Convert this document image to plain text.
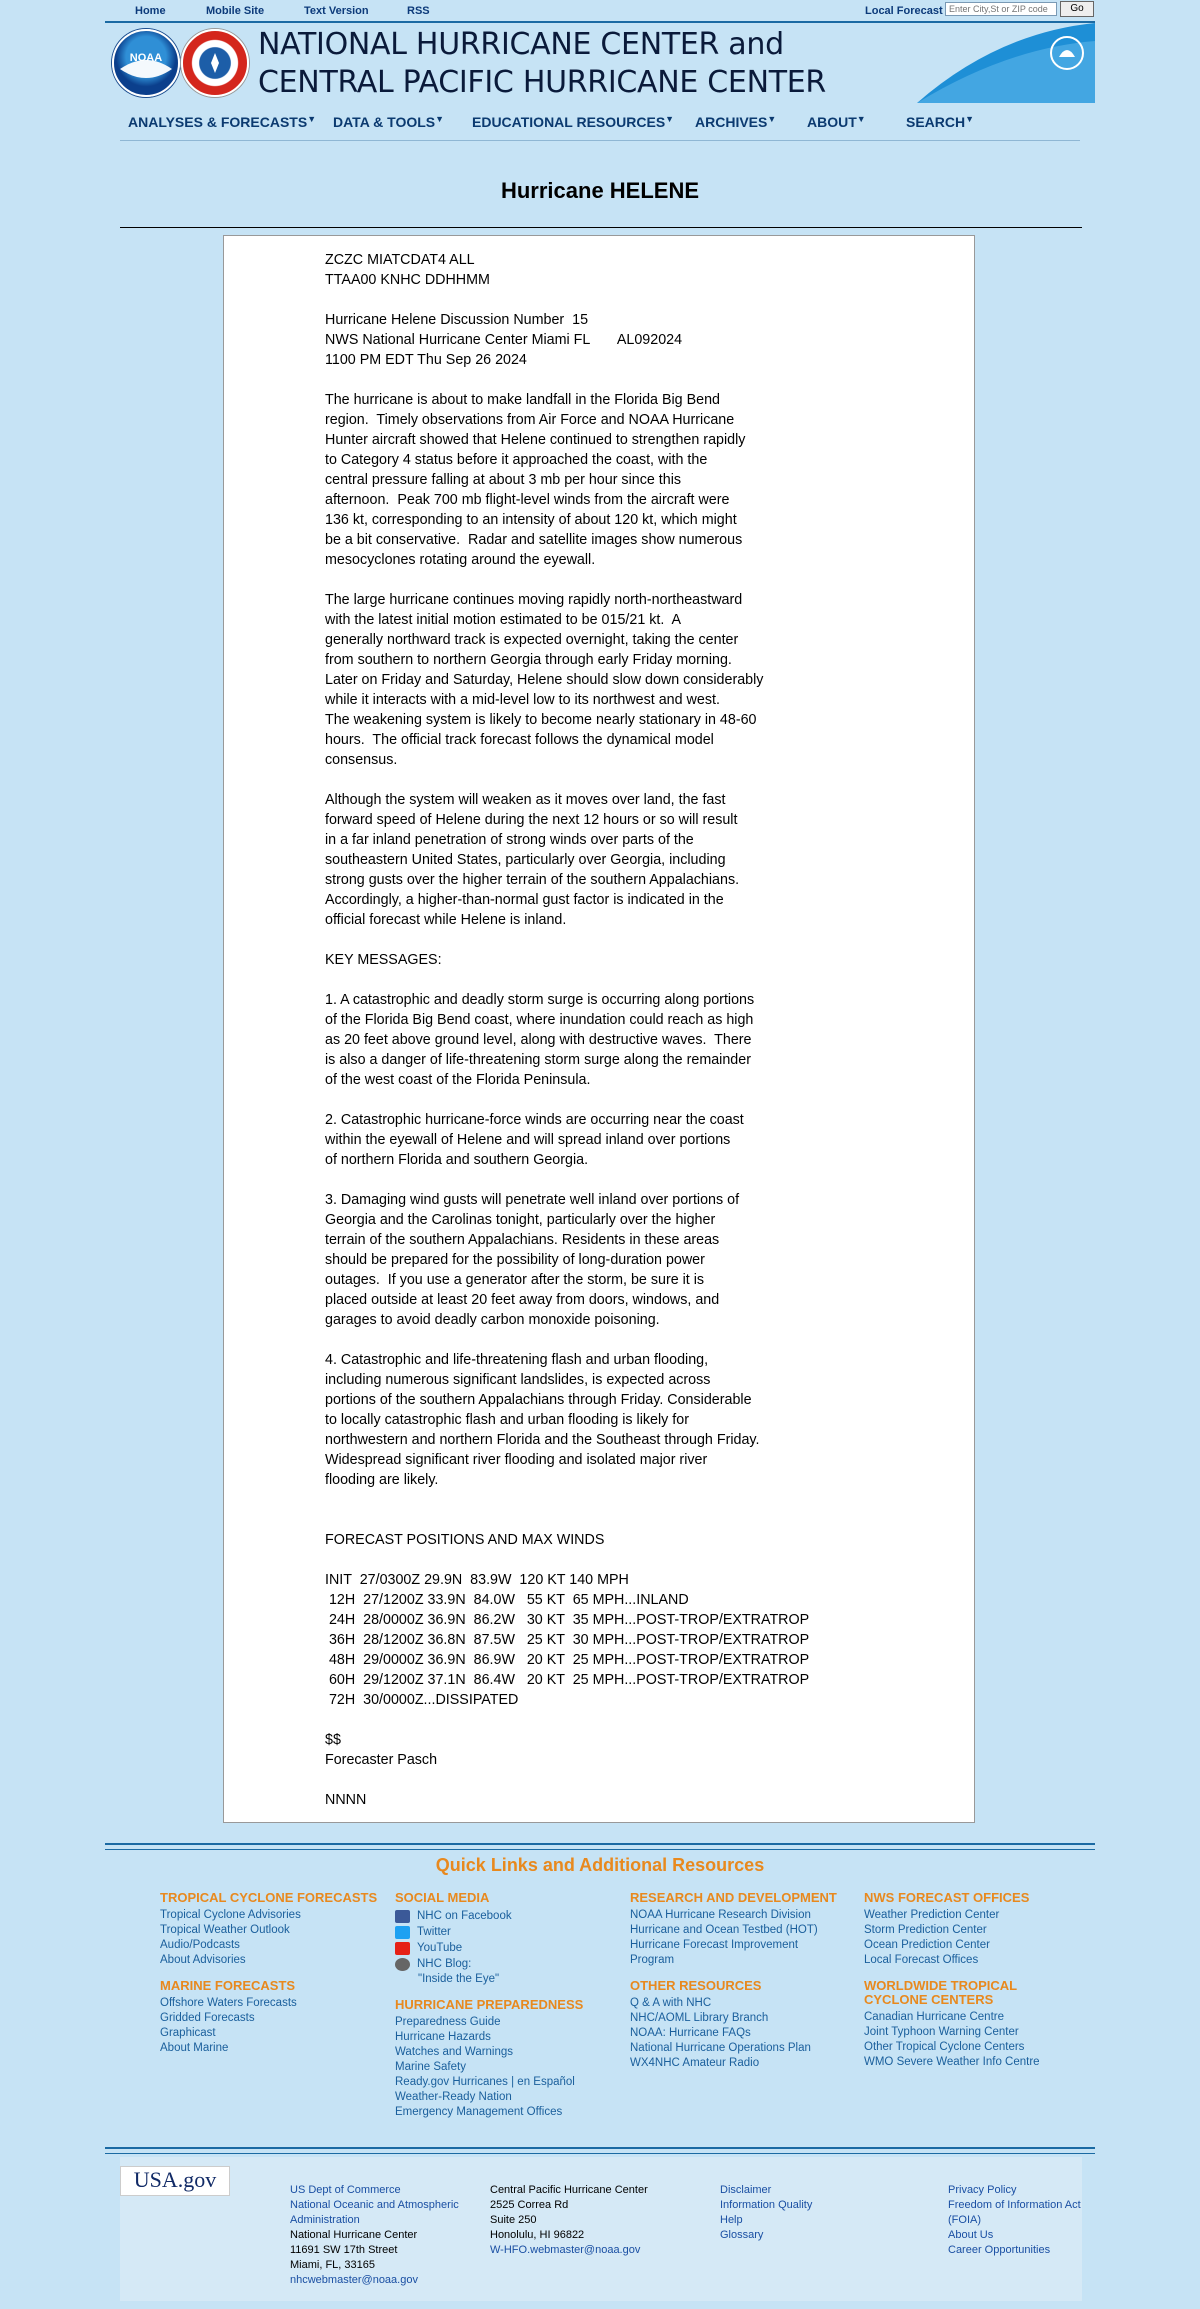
Home	Mobile Site	Text Version	RSS	Local Forecast
Enter City,St or ZIP code	Go
NOAA	NATIONAL HURRICANE CENTER and
CENTRAL PACIFIC HURRICANE CENTER
ANALYSES & FORECASTS▼ DATA & TOOLS▼ EDUCATIONAL RESOURCES▼ ARCHIVES▼ ABOUT▼	SEARCH▼
Hurricane HELENE
ZCZC MIATCDAT4 ALL
TTAA00 KNHC DDHHMM

Hurricane Helene Discussion Number  15
NWS National Hurricane Center Miami FL       AL092024
1100 PM EDT Thu Sep 26 2024

The hurricane is about to make landfall in the Florida Big Bend
region.  Timely observations from Air Force and NOAA Hurricane
Hunter aircraft showed that Helene continued to strengthen rapidly
to Category 4 status before it approached the coast, with the
central pressure falling at about 3 mb per hour since this
afternoon.  Peak 700 mb flight-level winds from the aircraft were
136 kt, corresponding to an intensity of about 120 kt, which might
be a bit conservative.  Radar and satellite images show numerous
mesocyclones rotating around the eyewall.

The large hurricane continues moving rapidly north-northeastward
with the latest initial motion estimated to be 015/21 kt.  A
generally northward track is expected overnight, taking the center
from southern to northern Georgia through early Friday morning.
Later on Friday and Saturday, Helene should slow down considerably
while it interacts with a mid-level low to its northwest and west.
The weakening system is likely to become nearly stationary in 48-60
hours.  The official track forecast follows the dynamical model
consensus.

Although the system will weaken as it moves over land, the fast
forward speed of Helene during the next 12 hours or so will result
in a far inland penetration of strong winds over parts of the
southeastern United States, particularly over Georgia, including
strong gusts over the higher terrain of the southern Appalachians.
Accordingly, a higher-than-normal gust factor is indicated in the
official forecast while Helene is inland.

KEY MESSAGES:

1. A catastrophic and deadly storm surge is occurring along portions
of the Florida Big Bend coast, where inundation could reach as high
as 20 feet above ground level, along with destructive waves.  There
is also a danger of life-threatening storm surge along the remainder
of the west coast of the Florida Peninsula.

2. Catastrophic hurricane-force winds are occurring near the coast
within the eyewall of Helene and will spread inland over portions
of northern Florida and southern Georgia.

3. Damaging wind gusts will penetrate well inland over portions of
Georgia and the Carolinas tonight, particularly over the higher
terrain of the southern Appalachians. Residents in these areas
should be prepared for the possibility of long-duration power
outages.  If you use a generator after the storm, be sure it is
placed outside at least 20 feet away from doors, windows, and
garages to avoid deadly carbon monoxide poisoning.

4. Catastrophic and life-threatening flash and urban flooding,
including numerous significant landslides, is expected across
portions of the southern Appalachians through Friday. Considerable
to locally catastrophic flash and urban flooding is likely for
northwestern and northern Florida and the Southeast through Friday.
Widespread significant river flooding and isolated major river
flooding are likely.

FORECAST POSITIONS AND MAX WINDS

INIT  27/0300Z 29.9N  83.9W  120 KT 140 MPH
12H  27/1200Z 33.9N  84.0W   55 KT  65 MPH...INLAND
24H  28/0000Z 36.9N  86.2W   30 KT  35 MPH...POST-TROP/EXTRATROP
36H  28/1200Z 36.8N  87.5W   25 KT  30 MPH...POST-TROP/EXTRATROP
48H  29/0000Z 36.9N  86.9W   20 KT  25 MPH...POST-TROP/EXTRATROP
60H  29/1200Z 37.1N  86.4W   20 KT  25 MPH...POST-TROP/EXTRATROP
72H  30/0000Z...DISSIPATED

$$
Forecaster Pasch

NNNN
Quick Links and Additional Resources
TROPICAL CYCLONE FORECASTS
Tropical Cyclone Advisories
Tropical Weather Outlook
Audio/Podcasts
About Advisories
MARINE FORECASTS
Offshore Waters Forecasts
Gridded Forecasts
Graphicast
About Marine
SOCIAL MEDIA
NHC on Facebook
Twitter
YouTube
NHC Blog:
"Inside the Eye"
HURRICANE PREPAREDNESS
Preparedness Guide
Hurricane Hazards
Watches and Warnings
Marine Safety
Ready.gov Hurricanes | en Español
Weather-Ready Nation
Emergency Management Offices
RESEARCH AND DEVELOPMENT
NOAA Hurricane Research Division
Hurricane and Ocean Testbed (HOT)
Hurricane Forecast Improvement Program
OTHER RESOURCES
Q & A with NHC
NHC/AOML Library Branch
NOAA: Hurricane FAQs
National Hurricane Operations Plan
WX4NHC Amateur Radio
NWS FORECAST OFFICES
Weather Prediction Center
Storm Prediction Center
Ocean Prediction Center
Local Forecast Offices
WORLDWIDE TROPICAL CYCLONE CENTERS
Canadian Hurricane Centre
Joint Typhoon Warning Center
Other Tropical Cyclone Centers
WMO Severe Weather Info Centre
USA.gov	US Dept of Commerce
National Oceanic and Atmospheric
Administration
National Hurricane Center
11691 SW 17th Street
Miami, FL, 33165
nhcwebmaster@noaa.gov
Central Pacific Hurricane Center
2525 Correa Rd
Suite 250
Honolulu, HI 96822
W-HFO.webmaster@noaa.gov
Disclaimer
Information Quality
Help
Glossary
Privacy Policy
Freedom of Information Act
(FOIA)
About Us
Career Opportunities
